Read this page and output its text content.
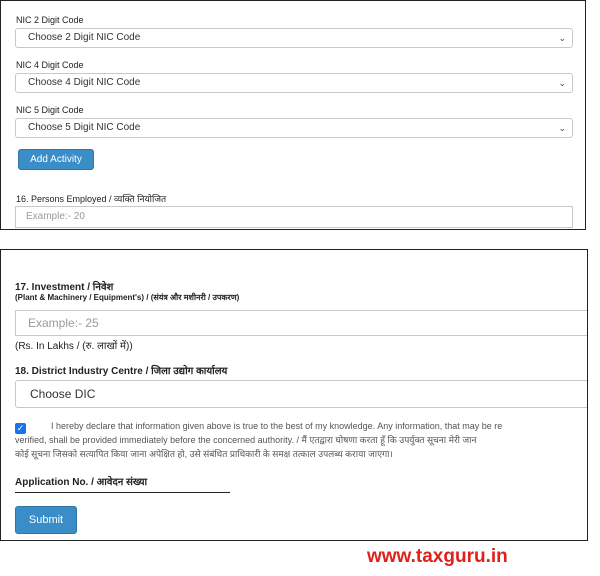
NIC 2 Digit Code
Choose 2 Digit NIC Code	⌄
NIC 4 Digit Code
Choose 4 Digit NIC Code	⌄
NIC 5 Digit Code
Choose 5 Digit NIC Code	⌄
Add Activity
16. Persons Employed / व्यक्ति नियोजित
Example:- 20
17. Investment / निवेश
(Plant & Machinery / Equipment's) / (संयंत्र और मशीनरी / उपकरण)
Example:- 25
(Rs. In Lakhs / (रु. लाखों में))
18. District Industry Centre / जिला उद्योग कार्यालय
Choose DIC
✓	I hereby declare that information given above is true to the best of my knowledge. Any information, that may be re
verified, shall be provided immediately before the concerned authority. / मैं एतद्वारा घोषणा करता हूँ कि उपर्युक्त सूचना मेरी जान
कोई सूचना जिसको सत्यापित किया जाना अपेक्षित हो, उसे संबंधित प्राधिकारी के समक्ष तत्काल उपलब्ध कराया जाएगा।
Application No. / आवेदन संख्या
Submit
www.taxguru.in
